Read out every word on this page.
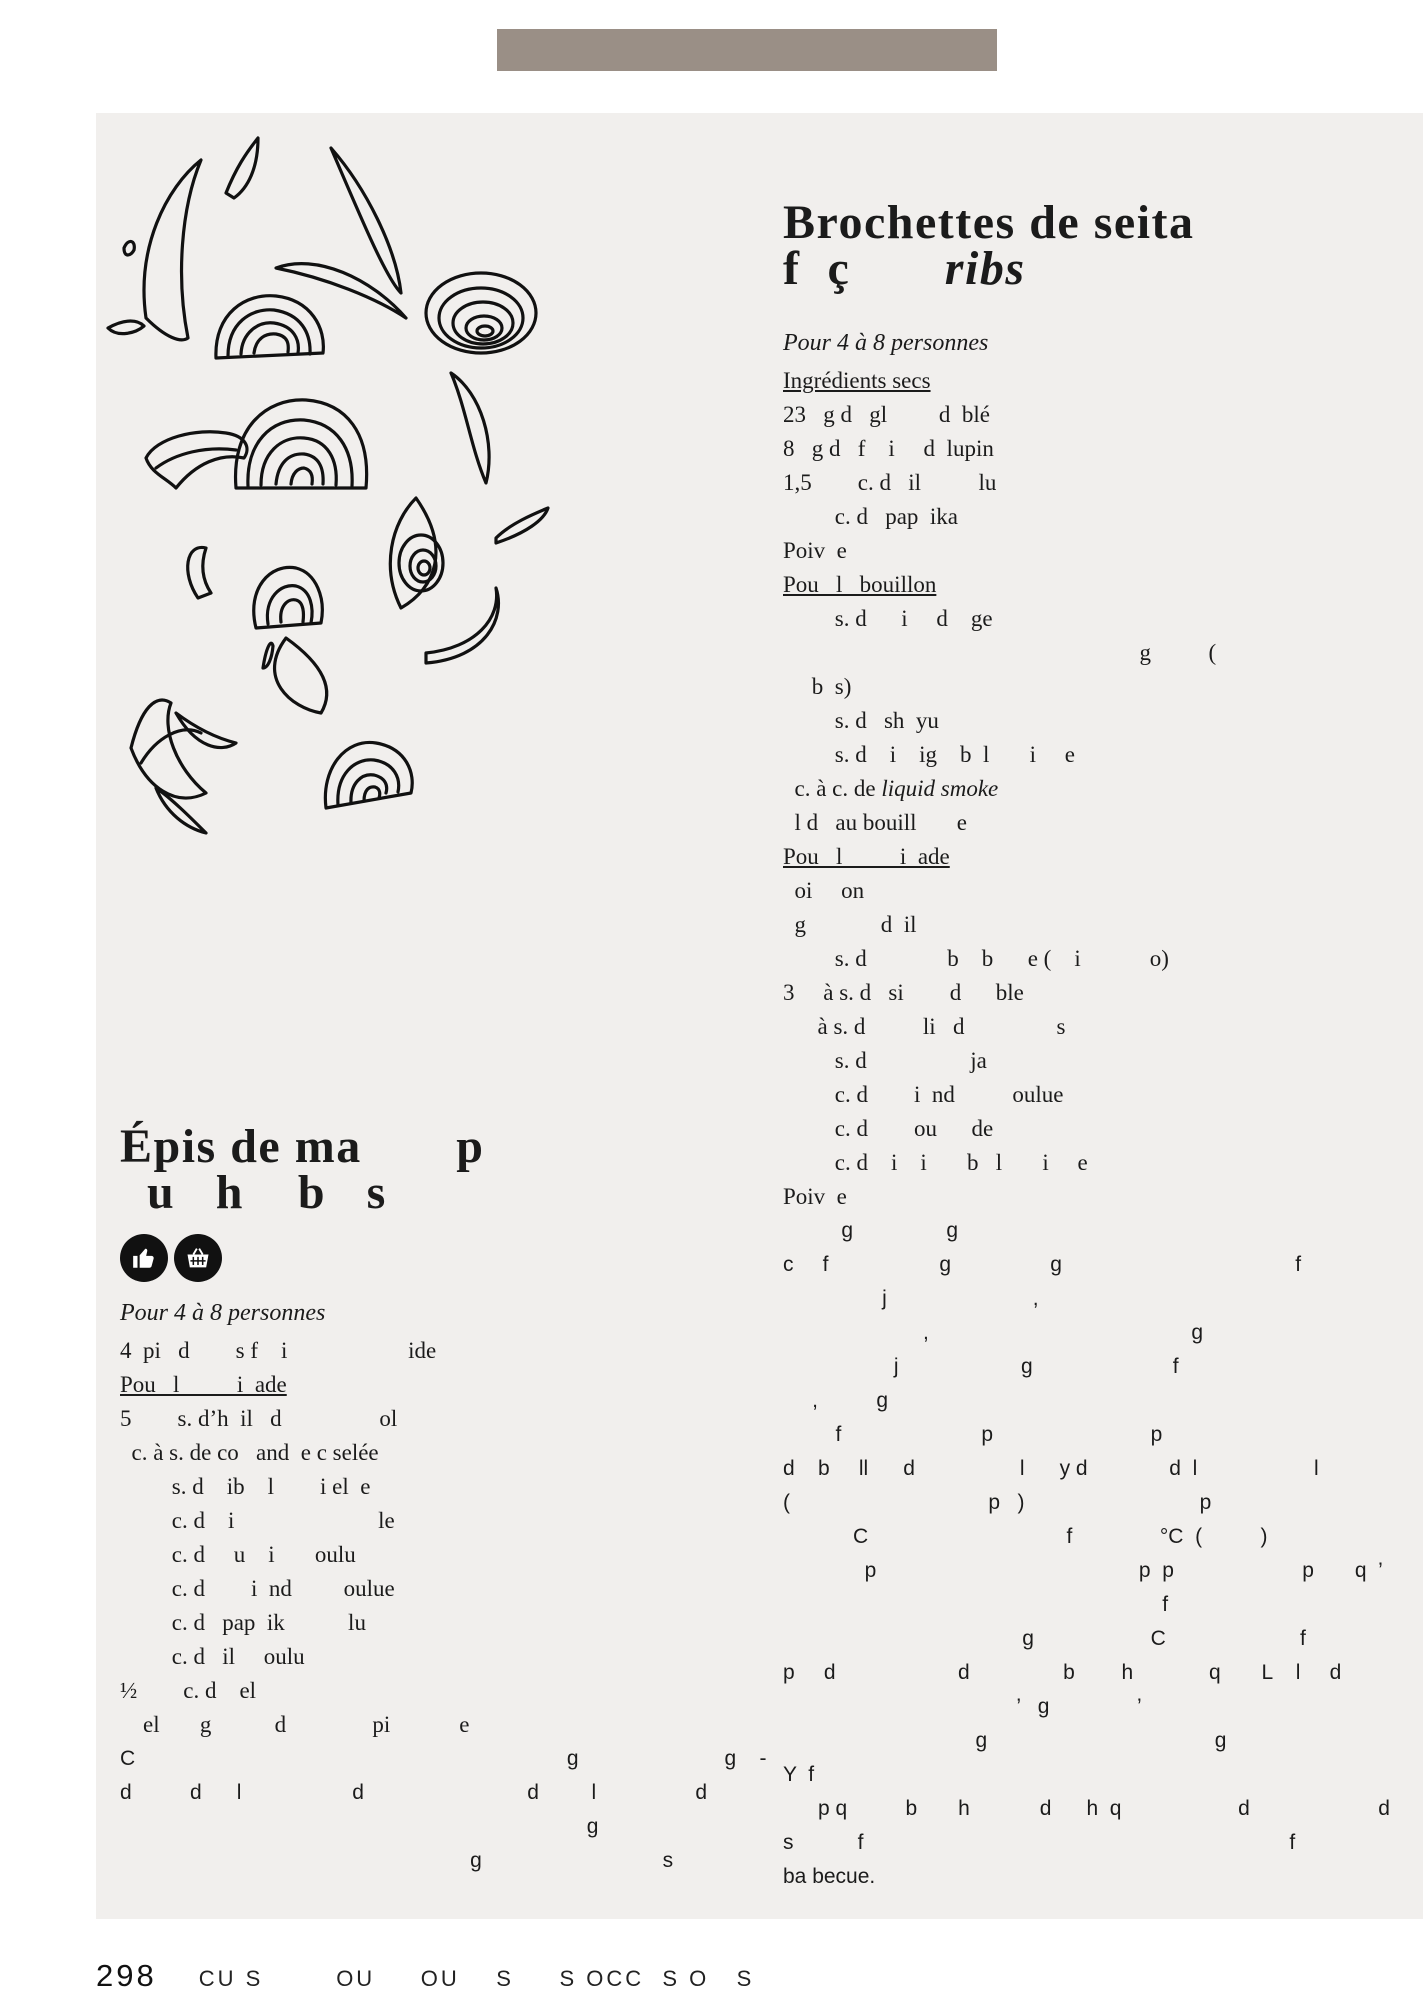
Brochettes de seita
f  ç       ribs
Pour 4 à 8 personnes
Ingrédients secs
23   g d   gl         d  blé
8   g d   f    i     d  lupin
1,5        c. d   il          lu
c. d   pap  ika
Poiv  e
Pou   l   bouillon
s. d      i     d    ge
g          (
b  s)
s. d   sh  yu
s. d    i    ig    b  l       i     e
c. à c. de liquid smoke
l d   au bouill       e
Pou   l          i  ade
oi     on
g             d  il
s. d              b    b      e (    i            o)
3     à s. d   si        d      ble
à s. d          li   d                s
s. d                  ja
c. d        i  nd          oulue
c. d        ou      de
c. d    i    i       b   l       i     e
Poiv  e
g                g
c     f                   g                 g                                        f
j                         ,
,                                             g
j                     g                        f
,          g
f                        p                           p
d    b     ll      d                  l      y d              d  l                    l
(                                  p   )                              p
C                                  f               °C  (          )
p                                             p  p                      p       q  ’
f
g                    C                       f
p     d                     d                b        h             q       L    l     d
’   g               ’
g                                       g
Y  f
p q          b       h            d      h  q                    d                      d
s           f                                                                         f
ba becue.
Épis de ma       p
u   h    b   s
Pour 4 à 8 personnes
4  pi   d        s f    i                     ide
Pou   l          i  ade
5        s. d’h  il   d                 ol
c. à s. de co   and  e c selée
s. d    ib    l        i el  e
c. d    i                         le
c. d     u    i       oulu
c. d        i  nd         oulue
c. d   pap  ik           lu
c. d   il     oulu
½        c. d    el
el       g           d               pi            e
C                                                                          g                         g    -
d          d      l                   d                            d         l                 d
g
g                               s
298 CU S        OU     OU    S     S OCC  S O   S
